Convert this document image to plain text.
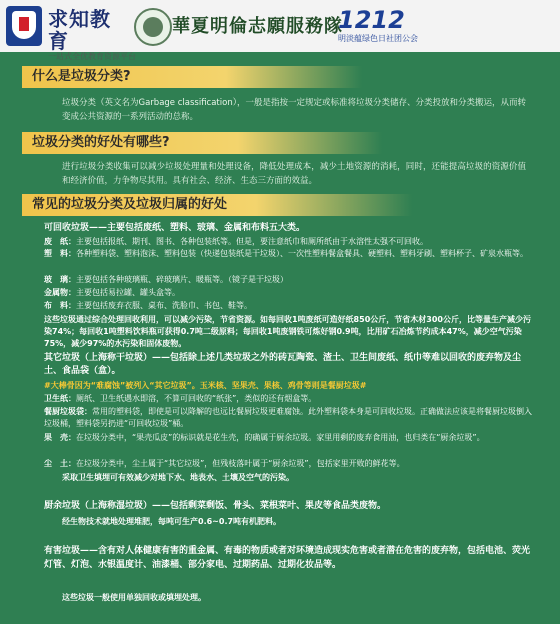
求知教育
一站式全优教育资源平台
華夏明倫志願服務隊
1212
明淡蕴绿色日社团公会
什么是垃圾分类?
垃圾分类（英文名为Garbage classification），一般是指按一定规定或标准将垃圾分类储存、分类投放和分类搬运，从而转变成公共资源的一系列活动的总称。
垃圾分类的好处有哪些?
进行垃圾分类收集可以减少垃圾处理量和处理设备，降低处理成本，减少土地资源的消耗，同时，还能提高垃圾的资源价值和经济价值，力争物尽其用。具有社会、经济、生态三方面的效益。
常见的垃圾分类及垃圾归属的好处
可回收垃圾——主要包括废纸、塑料、玻璃、金属和布料五大类。
废　纸：主要包括报纸、期刊、图书、各种包装纸等。但是，要注意纸巾和厕所纸由于水溶性太强不可回收。
塑　料：各种塑料袋、塑料泡沫、塑料包装（快递包装纸是干垃圾）、一次性塑料餐盒餐具、硬塑料、塑料牙刷、塑料杯子、矿泉水瓶等。
玻　璃：主要包括各种玻璃瓶、碎玻璃片、暖瓶等。（镜子是干垃圾）
金属物：主要包括易拉罐、罐头盒等。
布　料：主要包括废弃衣服、桌布、洗脸巾、书包、鞋等。
这些垃圾通过综合处理回收利用，可以减少污染，节省资源。如每回收1吨废纸可造好纸850公斤，节省木材300公斤，比等量生产减少污染74%；每回收1吨塑料饮料瓶可获得0.7吨二级原料；每回收1吨废钢铁可炼好钢0.9吨，比用矿石冶炼节约成本47%，减少空气污染75%，减少97%的水污染和固体废物。
其它垃圾（上海称干垃圾）——包括除上述几类垃圾之外的砖瓦陶瓷、渣土、卫生间废纸、纸巾等难以回收的废弃物及尘土、食品袋（盒）。
#大棒骨因为“难腐蚀”被列入“其它垃圾”。玉米核、坚果壳、果核、鸡骨等则是餐厨垃圾#
卫生纸：厕纸、卫生纸遇水即溶，不算可回收的“纸张”，类似的还有烟盒等。
餐厨垃圾袋：常用的塑料袋，即使是可以降解的也远比餐厨垃圾更难腐蚀。此外塑料袋本身是可回收垃圾。正确做法应该是将餐厨垃圾倒入垃圾桶，塑料袋另扔进“可回收垃圾”桶。
果　壳：在垃圾分类中，“果壳瓜皮”的标识就是花生壳，的确属于厨余垃圾。家里用剩的废弃食用油，也归类在“厨余垃圾”。
尘　土：在垃圾分类中，尘土属于“其它垃圾”，但残枝落叶属于“厨余垃圾”，包括家里开败的鲜花等。
采取卫生填埋可有效减少对地下水、地表水、土壤及空气的污染。
厨余垃圾（上海称湿垃圾）——包括剩菜剩饭、骨头、菜根菜叶、果皮等食品类废物。
经生物技术就地处理堆肥，每吨可生产0.6~0.7吨有机肥料。
有害垃圾——含有对人体健康有害的重金属、有毒的物质或者对环境造成现实危害或者潜在危害的废弃物，包括电池、荧光灯管、灯泡、水银温度计、油漆桶、部分家电、过期药品、过期化妆品等。
这些垃圾一般使用单独回收或填埋处理。
